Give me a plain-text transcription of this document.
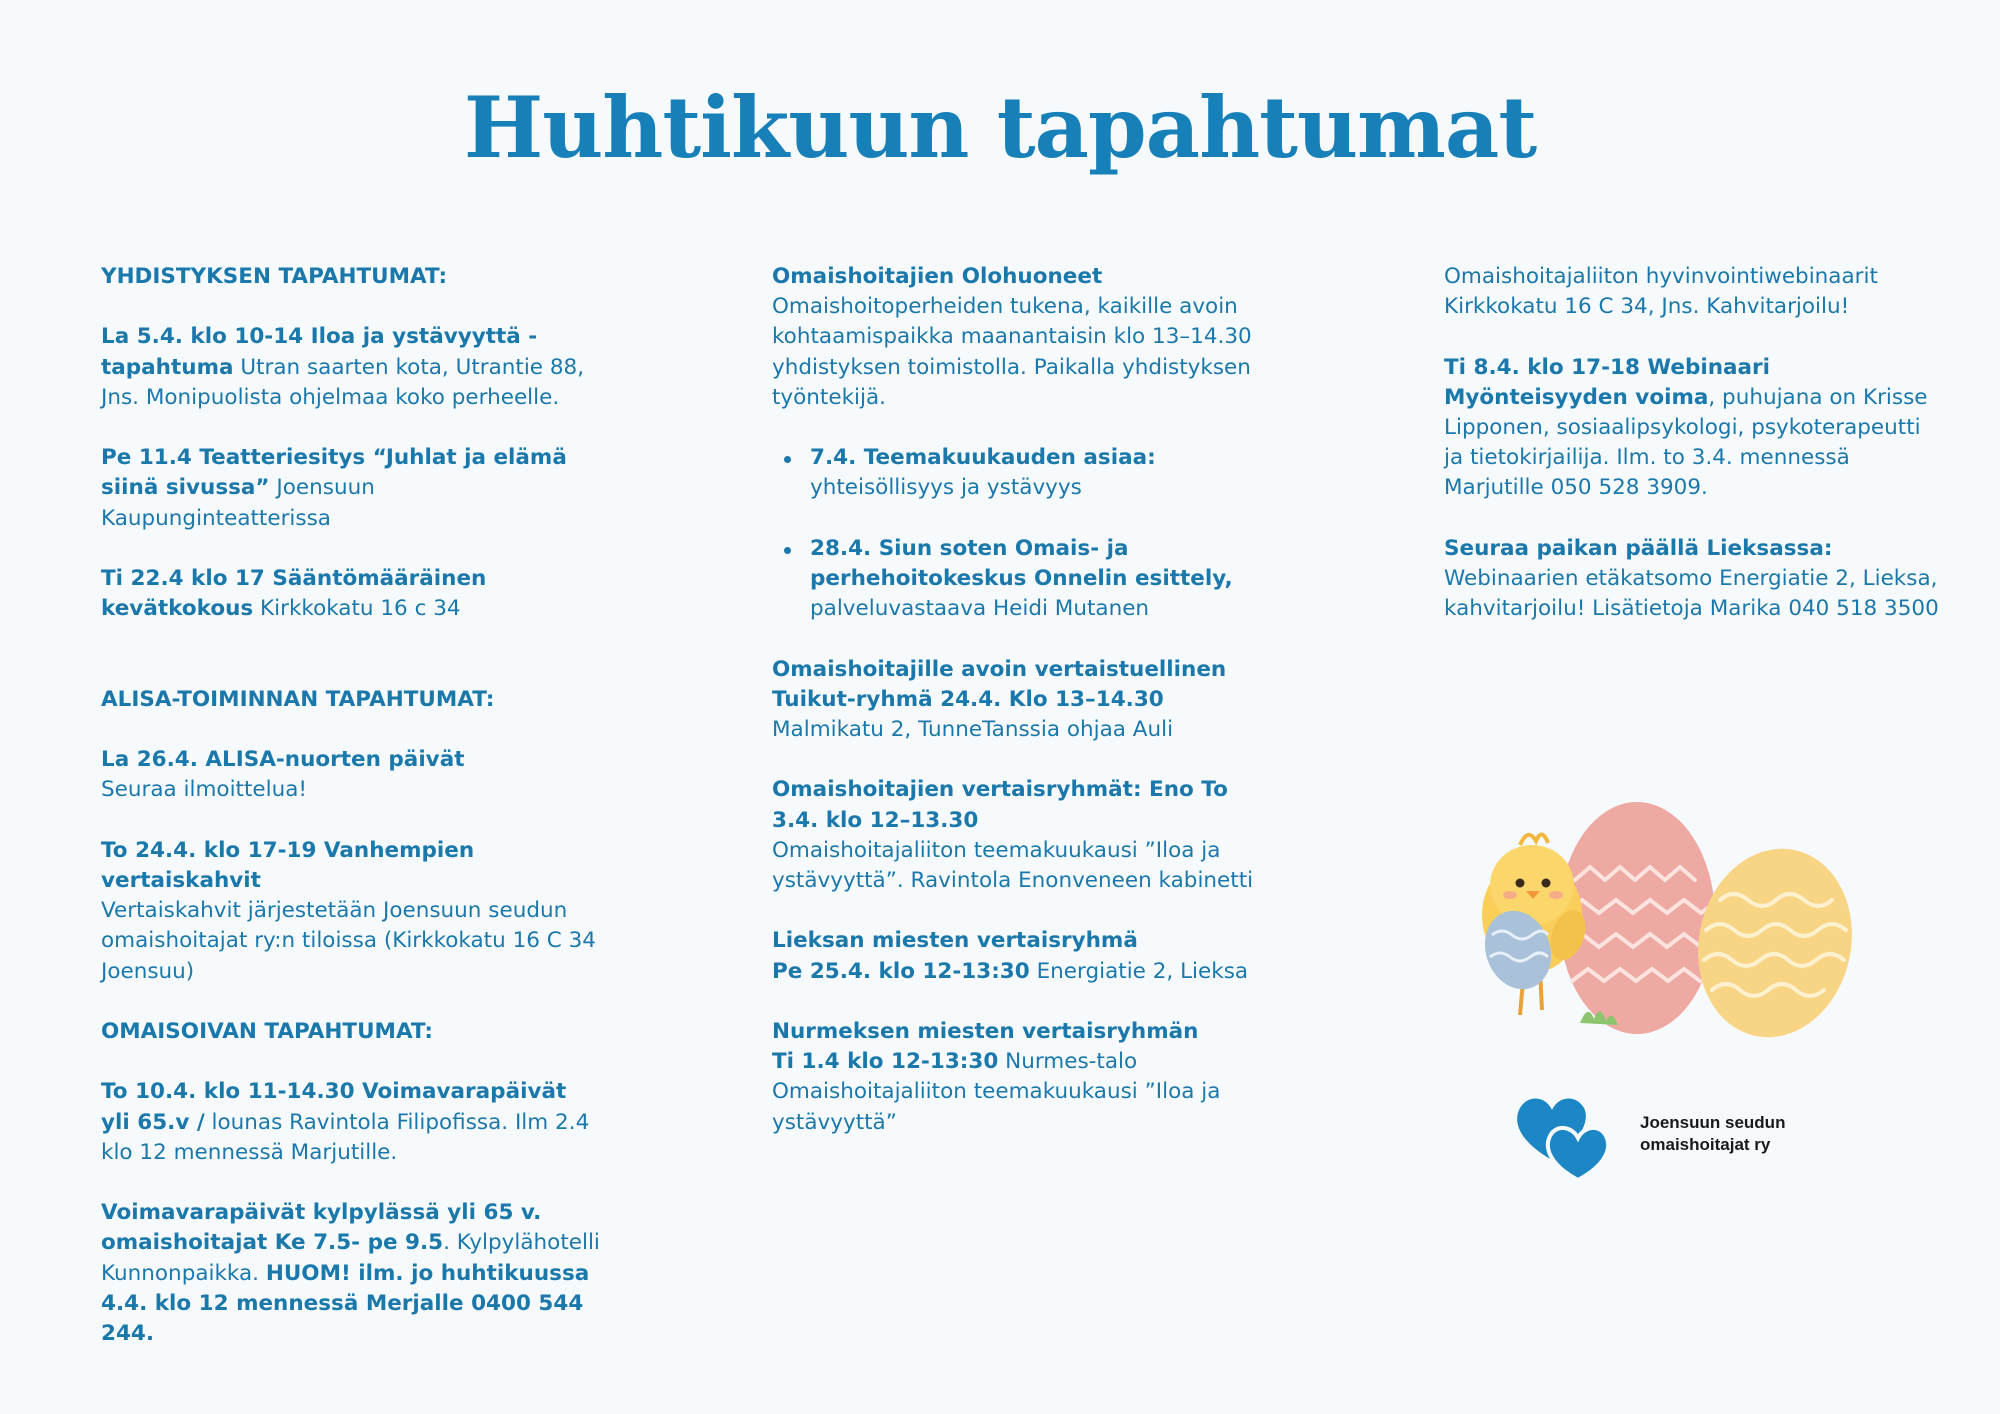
Huhtikuun tapahtumat

YHDISTYKSEN TAPAHTUMAT:

La 5.4. klo 10-14 Iloa ja ystävyyttä -tapahtuma Utran saarten kota, Utrantie 88, Jns. Monipuolista ohjelmaa koko perheelle.

Pe 11.4 Teatteriesitys “Juhlat ja elämä siinä sivussa” Joensuun Kaupunginteatterissa

Ti 22.4 klo 17 Sääntömääräinen kevätkokous Kirkkokatu 16 c 34

ALISA-TOIMINNAN TAPAHTUMAT:

La 26.4. ALISA-nuorten päivät
Seuraa ilmoittelua!

To 24.4. klo 17-19 Vanhempien vertaiskahvit
Vertaiskahvit järjestetään Joensuun seudun omaishoitajat ry:n tiloissa (Kirkkokatu 16 C 34 Joensuu)

OMAISOIVAN TAPAHTUMAT:

To 10.4. klo 11-14.30 Voimavarapäivät yli 65.v / lounas Ravintola Filipofissa. Ilm 2.4 klo 12 mennessä Marjutille.

Voimavarapäivät kylpylässä yli 65 v. omaishoitajat Ke 7.5- pe 9.5. Kylpylähotelli Kunnonpaikka. HUOM! ilm. jo huhtikuussa 4.4. klo 12 mennessä Merjalle 0400 544 244.

Omaishoitajien Olohuoneet
Omaishoitoperheiden tukena, kaikille avoin kohtaamispaikka maanantaisin klo 13–14.30 yhdistyksen toimistolla. Paikalla yhdistyksen työntekijä.

7.4. Teemakuukauden asiaa:
yhteisöllisyys ja ystävyys

28.4. Siun soten Omais- ja perhehoitokeskus Onnelin esittely,
palveluvastaava Heidi Mutanen

Omaishoitajille avoin vertaistuellinen Tuikut-ryhmä 24.4. Klo 13–14.30
Malmikatu 2, TunneTanssia ohjaa Auli

Omaishoitajien vertaisryhmät: Eno To 3.4. klo 12–13.30
Omaishoitajaliiton teemakuukausi ”Iloa ja ystävyyttä”. Ravintola Enonveneen kabinetti

Lieksan miesten vertaisryhmä
Pe 25.4. klo 12-13:30 Energiatie 2, Lieksa

Nurmeksen miesten vertaisryhmän
Ti 1.4 klo 12-13:30 Nurmes-talo Omaishoitajaliiton teemakuukausi ”Iloa ja ystävyyttä”

Omaishoitajaliiton hyvinvointiwebinaarit Kirkkokatu 16 C 34, Jns. Kahvitarjoilu!

Ti 8.4. klo 17-18 Webinaari Myönteisyyden voima, puhujana on Krisse Lipponen, sosiaalipsykologi, psykoterapeutti ja tietokirjailija. Ilm. to 3.4. mennessä Marjutille 050 528 3909.

Seuraa paikan päällä Lieksassa:
Webinaarien etäkatsomo Energiatie 2, Lieksa, kahvitarjoilu! Lisätietoja Marika 040 518 3500

Joensuun seudun
omaishoitajat ry
